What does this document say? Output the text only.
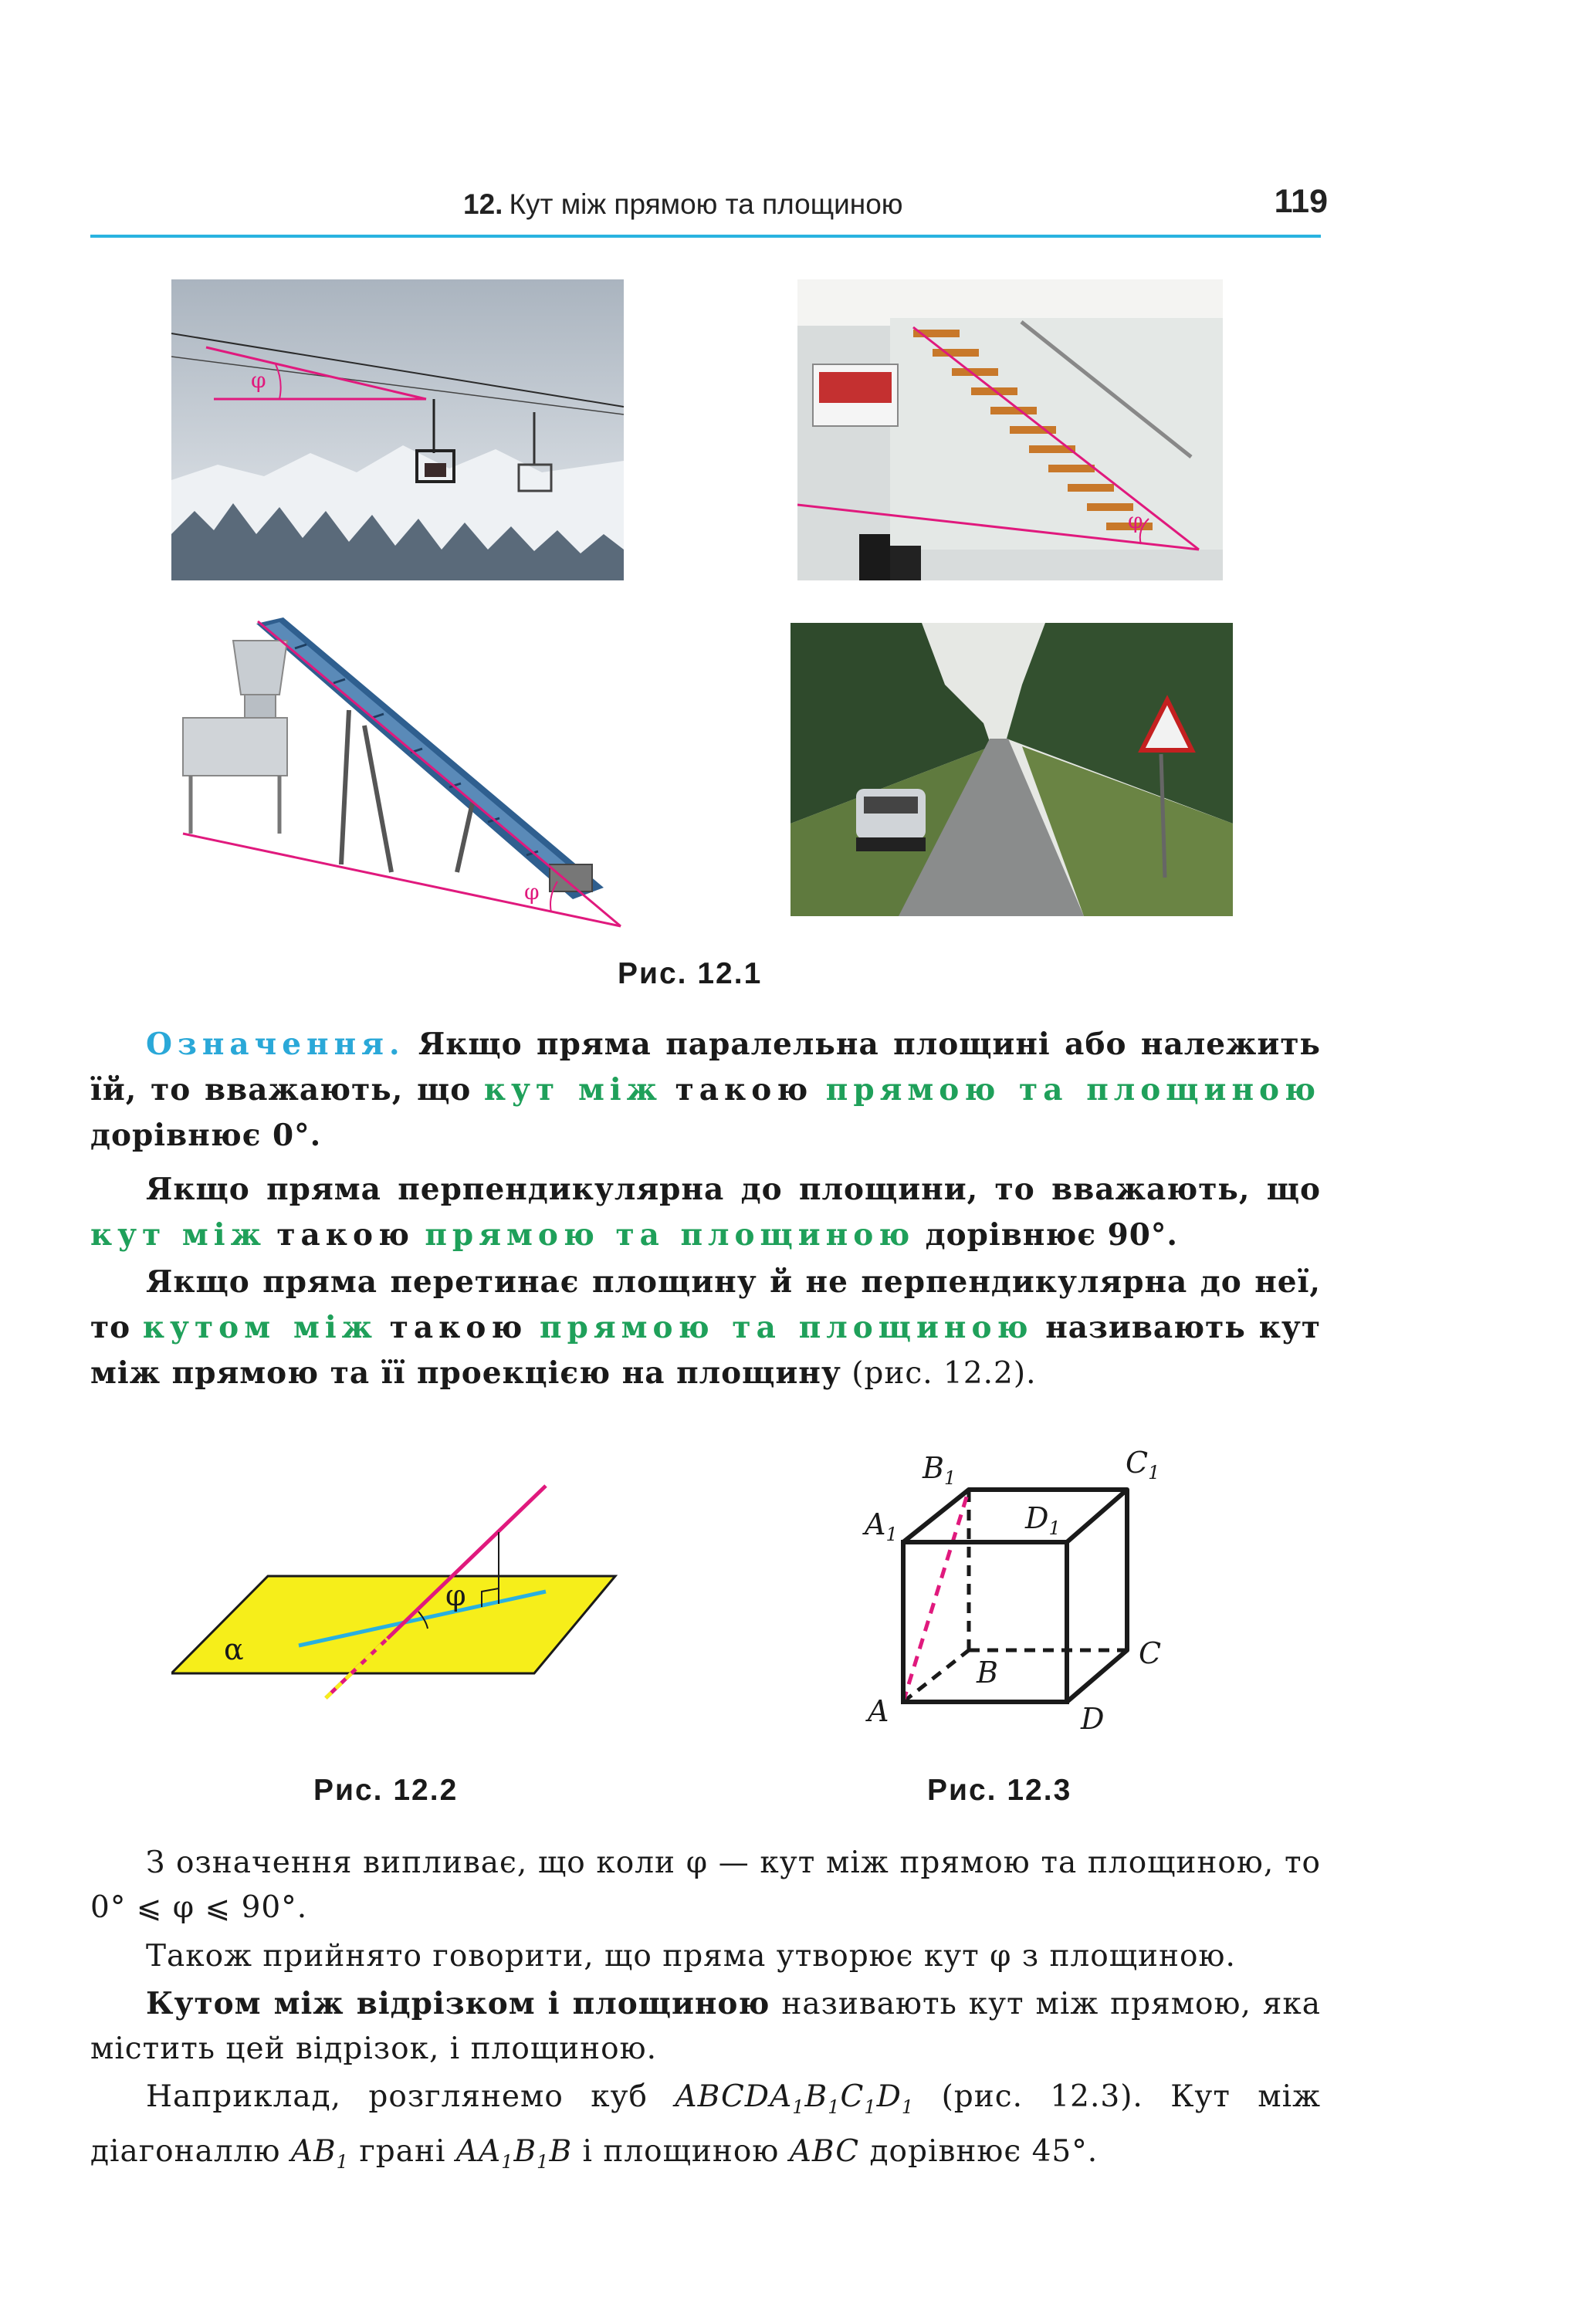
12. Кут між прямою та площиною	119
φ
φ
φ
Рис. 12.1
Означення. Якщо пряма паралельна площині або належить їй, то вважають, що кут між такою прямою та площиною дорівнює 0°.
Якщо пряма перпендикулярна до площини, то вважають, що кут між такою прямою та площиною дорівнює 90°.
Якщо пряма перетинає площину й не перпендикулярна до неї, то кутом між такою прямою та площиною називають кут між прямою та її проекцією на площину (рис. 12.2).
φ
α
$B_1$	$C_1$
$A_1$	$D_1$
C
B
A	D
Рис. 12.2	Рис. 12.3
З означення випливає, що коли φ — кут між прямою та площиною, то 0° ⩽ φ ⩽ 90°.
Також прийнято говорити, що пряма утворює кут φ з площиною.
Кутом між відрізком і площиною називають кут між прямою, яка містить цей відрізок, і площиною.
Наприклад, розглянемо куб $ABCDA_1B_1C_1D_1$ (рис. 12.3). Кут між діагоналлю $AB_1$ грані $AA_1B_1B$ і площиною ABC дорівнює 45°.
